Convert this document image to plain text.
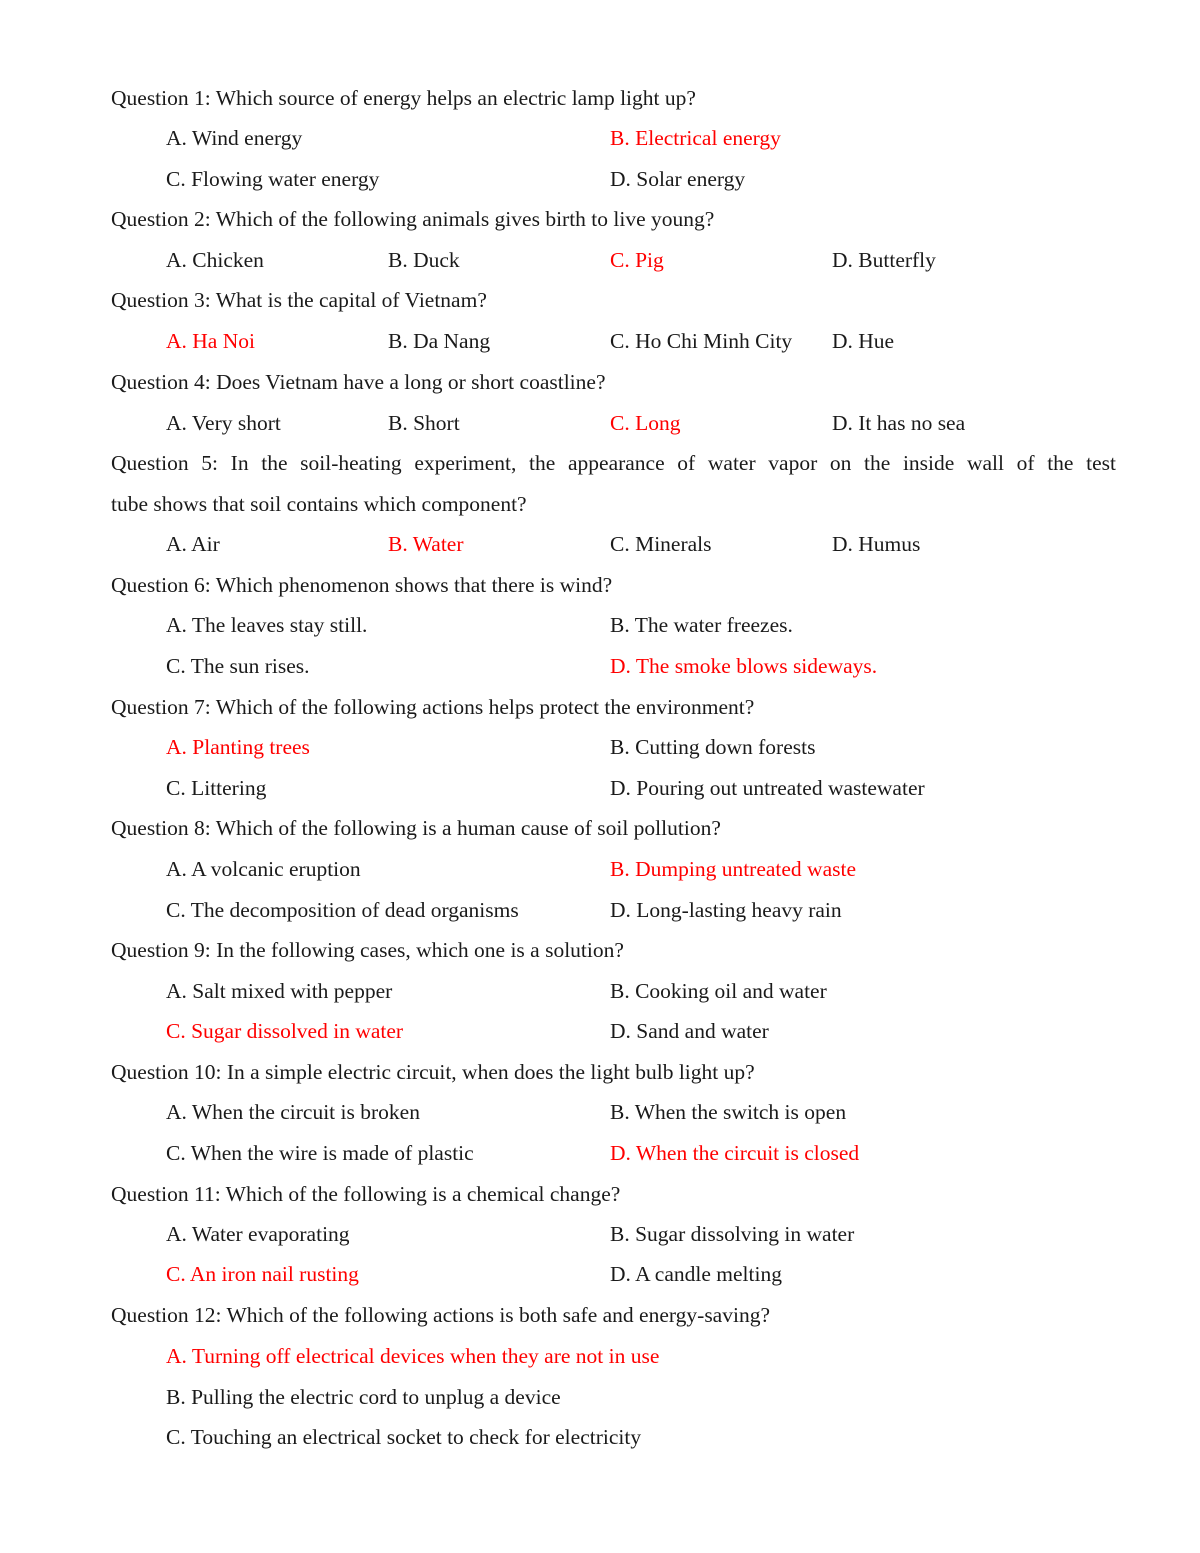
Question 1: Which source of energy helps an electric lamp light up?
A. Wind energy	B. Electrical energy
C. Flowing water energy	D. Solar energy
Question 2: Which of the following animals gives birth to live young?
A. Chicken	B. Duck	C. Pig	D. Butterfly
Question 3: What is the capital of Vietnam?
A. Ha Noi	B. Da Nang	C. Ho Chi Minh City D. Hue
Question 4: Does Vietnam have a long or short coastline?
A. Very short	B. Short	C. Long	D. It has no sea
Question 5: In the soil-heating experiment, the appearance of water vapor on the inside wall of the test
tube shows that soil contains which component?
A. Air	B. Water	C. Minerals	D. Humus
Question 6: Which phenomenon shows that there is wind?
A. The leaves stay still.	B. The water freezes.
C. The sun rises.	D. The smoke blows sideways.
Question 7: Which of the following actions helps protect the environment?
A. Planting trees	B. Cutting down forests
C. Littering	D. Pouring out untreated wastewater
Question 8: Which of the following is a human cause of soil pollution?
A. A volcanic eruption	B. Dumping untreated waste
C. The decomposition of dead organisms	D. Long-lasting heavy rain
Question 9: In the following cases, which one is a solution?
A. Salt mixed with pepper	B. Cooking oil and water
C. Sugar dissolved in water	D. Sand and water
Question 10: In a simple electric circuit, when does the light bulb light up?
A. When the circuit is broken	B. When the switch is open
C. When the wire is made of plastic	D. When the circuit is closed
Question 11: Which of the following is a chemical change?
A. Water evaporating	B. Sugar dissolving in water
C. An iron nail rusting	D. A candle melting
Question 12: Which of the following actions is both safe and energy-saving?
A. Turning off electrical devices when they are not in use
B. Pulling the electric cord to unplug a device
C. Touching an electrical socket to check for electricity
